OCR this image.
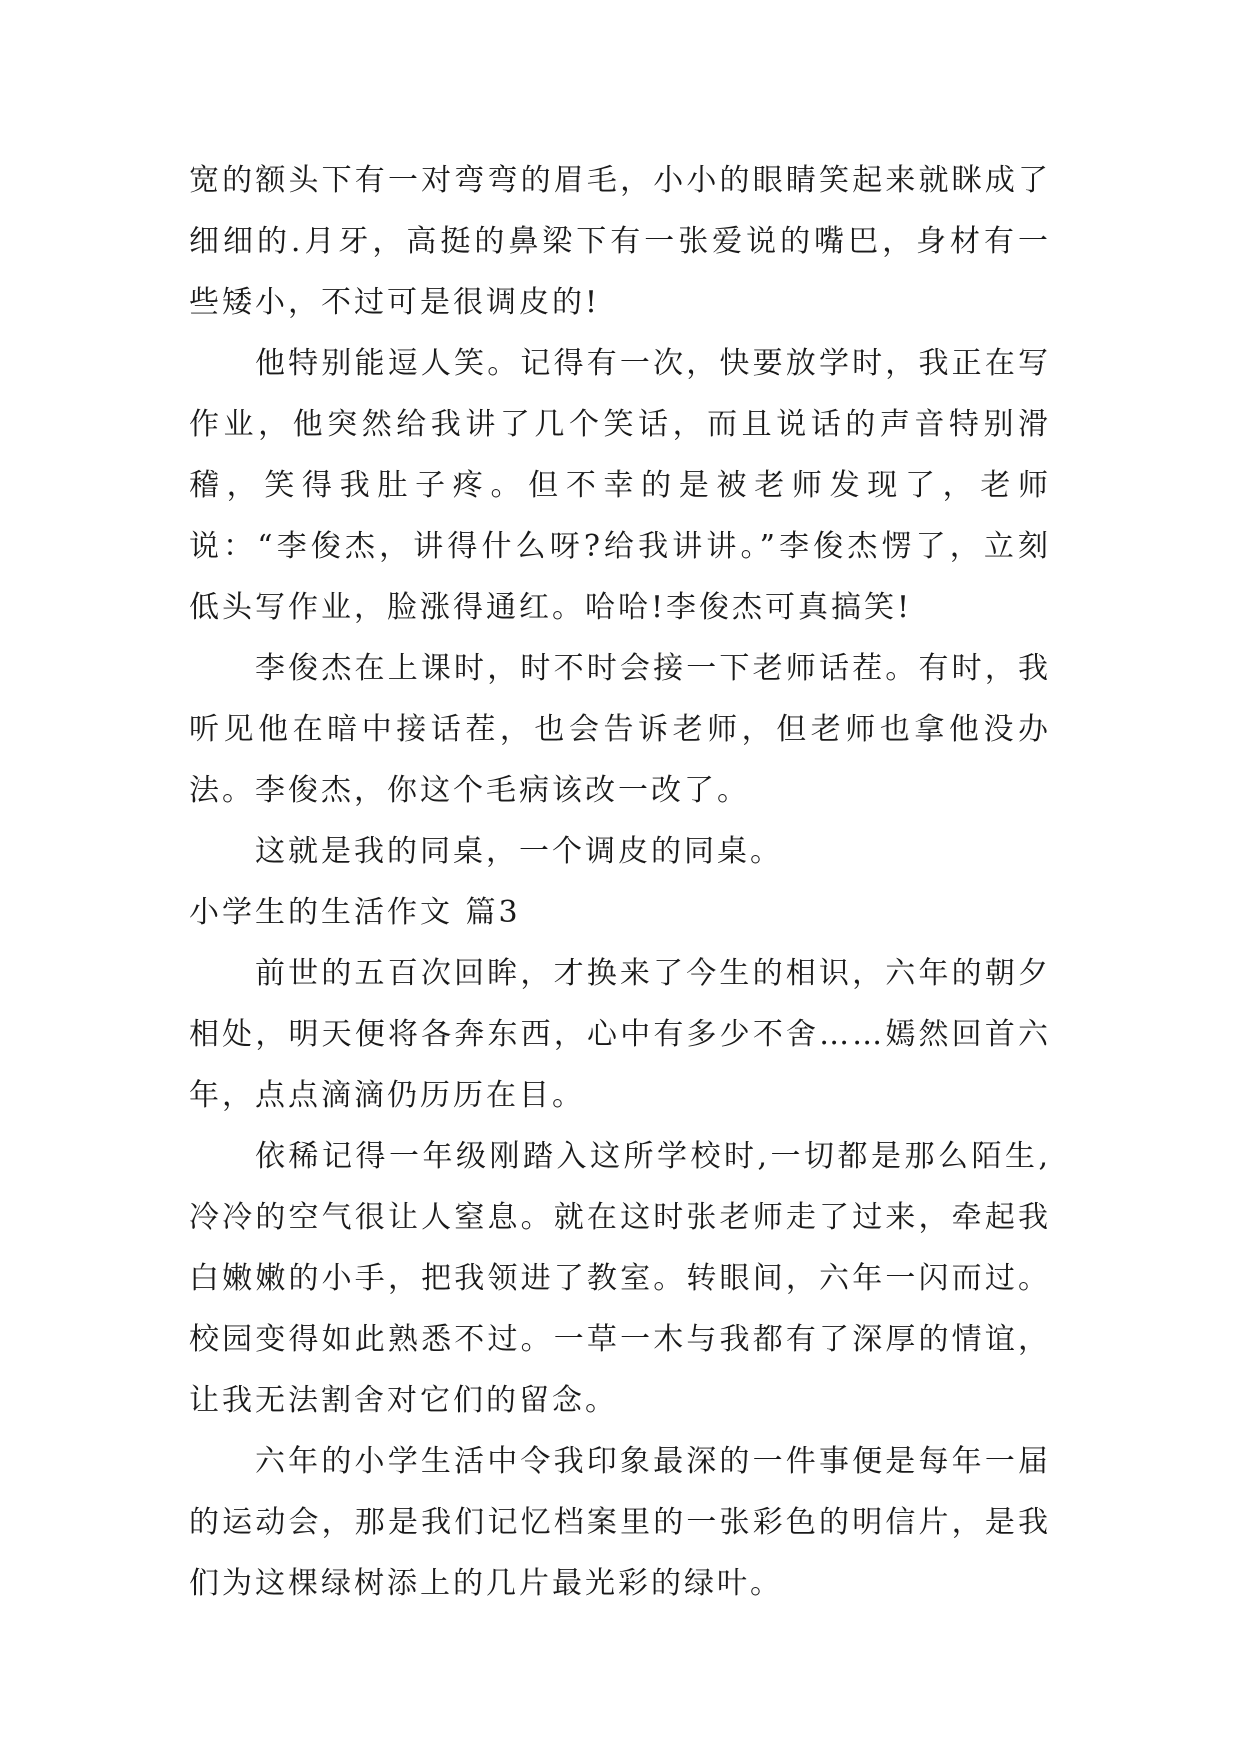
宽的额头下有一对弯弯的眉毛，小小的眼睛笑起来就眯成了细细的.月牙，高挺的鼻梁下有一张爱说的嘴巴，身材有一些矮小，不过可是很调皮的!

他特别能逗人笑。记得有一次，快要放学时，我正在写作业，他突然给我讲了几个笑话，而且说话的声音特别滑稽，笑得我肚子疼。但不幸的是被老师发现了，老师说：“李俊杰，讲得什么呀?给我讲讲。”李俊杰愣了，立刻低头写作业，脸涨得通红。哈哈!李俊杰可真搞笑!

李俊杰在上课时，时不时会接一下老师话茬。有时，我听见他在暗中接话茬，也会告诉老师，但老师也拿他没办法。李俊杰，你这个毛病该改一改了。

这就是我的同桌，一个调皮的同桌。

小学生的生活作文 篇3

前世的五百次回眸，才换来了今生的相识，六年的朝夕相处，明天便将各奔东西，心中有多少不舍……嫣然回首六年，点点滴滴仍历历在目。

依稀记得一年级刚踏入这所学校时,一切都是那么陌生,冷冷的空气很让人窒息。就在这时张老师走了过来，牵起我白嫩嫩的小手，把我领进了教室。转眼间，六年一闪而过。校园变得如此熟悉不过。一草一木与我都有了深厚的情谊，让我无法割舍对它们的留念。

六年的小学生活中令我印象最深的一件事便是每年一届的运动会，那是我们记忆档案里的一张彩色的明信片，是我们为这棵绿树添上的几片最光彩的绿叶。
